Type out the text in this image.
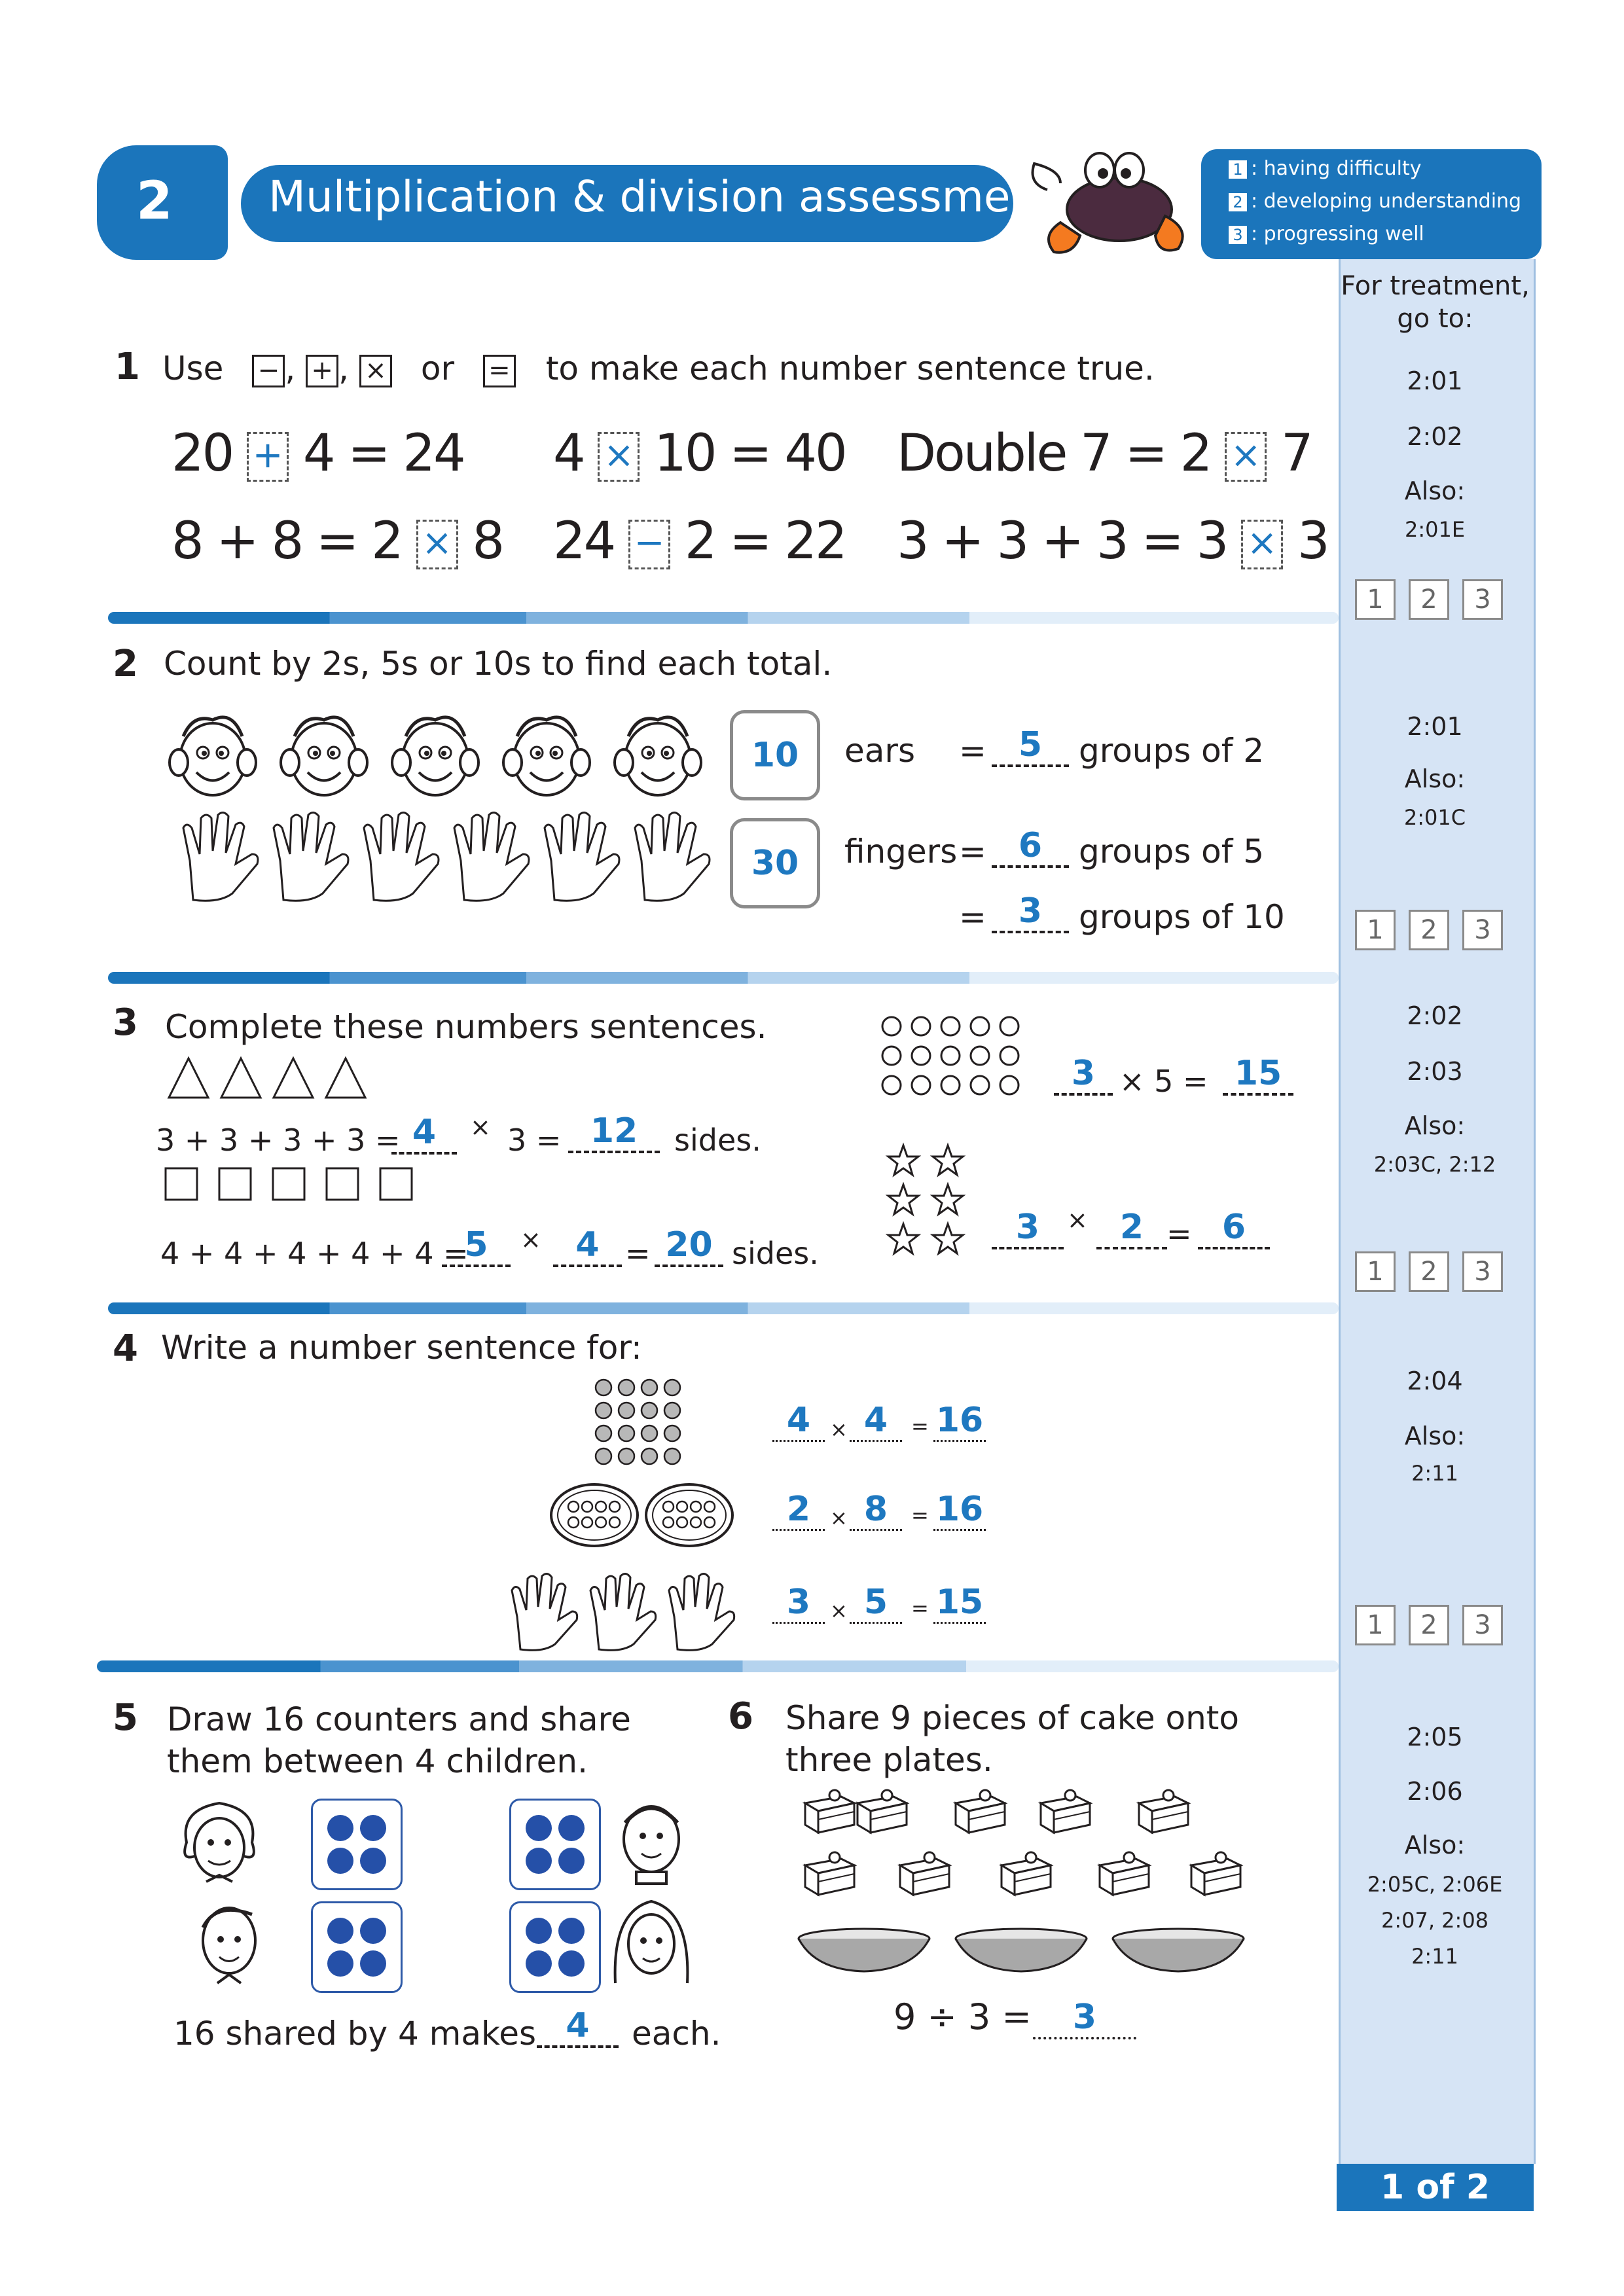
2 Multiplication & division assessment
1 : having difficulty
2 : developing understanding
3 : progressing well
For treatment, go to:
2:01
2:02
Also:
2:01E
1	2	3
2:01
Also:
2:01C
1	2	3
2:02
2:03
Also:
2:03C, 2:12
1	2	3
2:04
Also:
2:11
1	2	3
2:05
2:06
Also:
2:05C, 2:06E
2:07, 2:08
2:11
1 of 2
1 Use − , + , × or = to make each number sentence true.
20 + 4 = 24 4 × 10 = 40 Double 7 = 2 × 7
8 + 8 = 2 × 8 24 − 2 = 22 3 + 3 + 3 = 3 × 3
2 Count by 2s, 5s or 10s to find each total.
10
30
ears = 5	groups of 2
fingers = 6	groups of 5
= 3	groups of 10
3 Complete these numbers sentences.
3 + 3 + 3 + 3 = 4	× 3 = 12	sides.
4 + 4 + 4 + 4 + 4 =
5	×	4 = 20 sides.
3 × 5 = 15
3	× 2 = 6
4 Write a number sentence for:
4 × 4	= 16
2 × 8	= 16
3 × 5	= 15
5 Draw 16 counters and share
them between 4 children.
16 shared by 4 makes 4	each.
6 Share 9 pieces of cake onto
three plates.
9 ÷ 3 =	3
